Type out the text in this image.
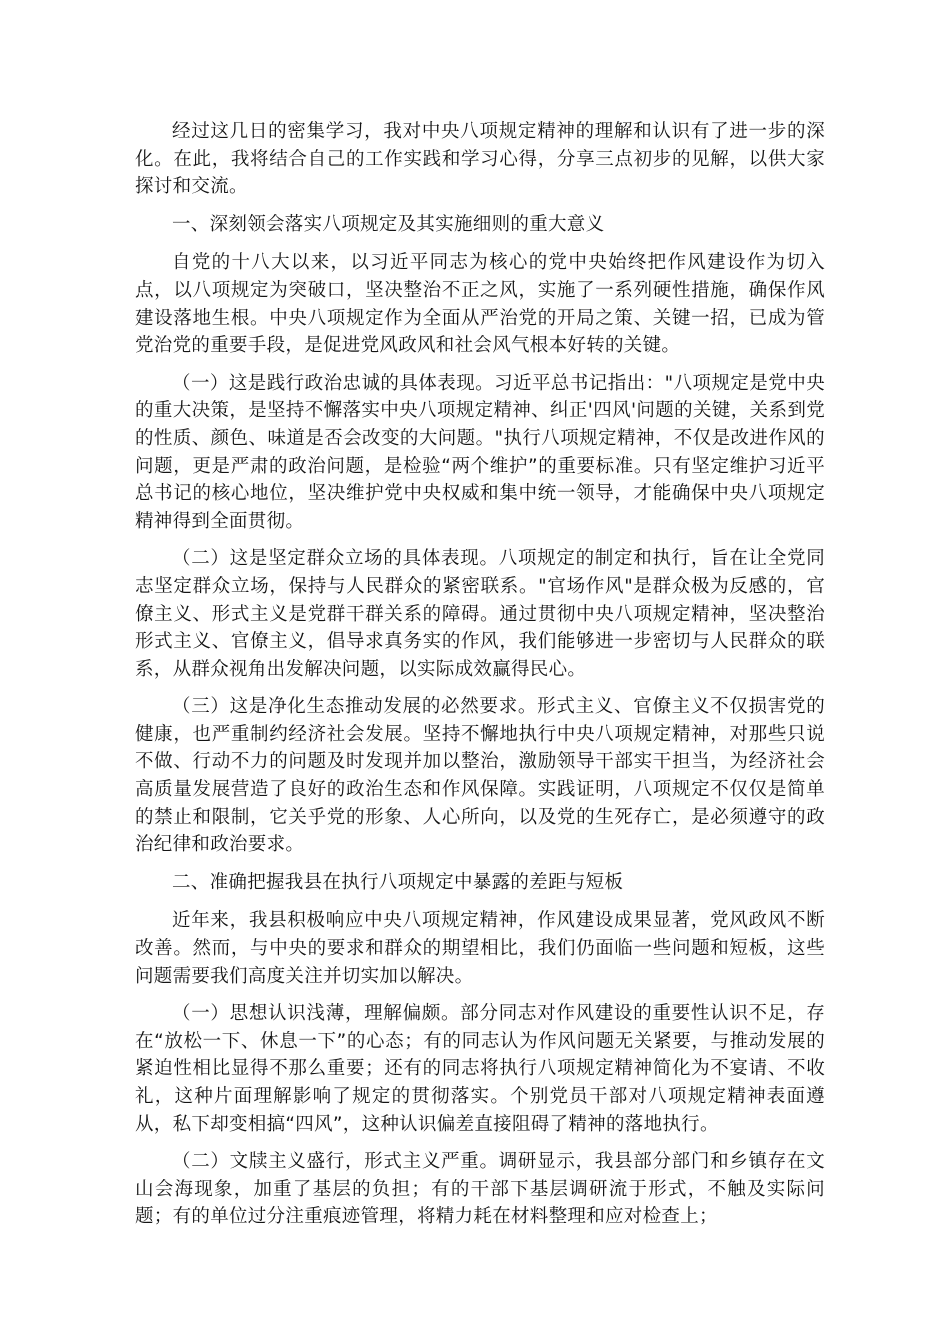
经过这几日的密集学习，我对中央八项规定精神的理解和认识有了进一步的深化。在此，我将结合自己的工作实践和学习心得，分享三点初步的见解，以供大家探讨和交流。

一、深刻领会落实八项规定及其实施细则的重大意义

自党的十八大以来，以习近平同志为核心的党中央始终把作风建设作为切入点，以八项规定为突破口，坚决整治不正之风，实施了一系列硬性措施，确保作风建设落地生根。中央八项规定作为全面从严治党的开局之策、关键一招，已成为管党治党的重要手段，是促进党风政风和社会风气根本好转的关键。

（一）这是践行政治忠诚的具体表现。习近平总书记指出："八项规定是党中央的重大决策，是坚持不懈落实中央八项规定精神、纠正'四风'问题的关键，关系到党的性质、颜色、味道是否会改变的大问题。"执行八项规定精神，不仅是改进作风的问题，更是严肃的政治问题，是检验“两个维护”的重要标准。只有坚定维护习近平总书记的核心地位，坚决维护党中央权威和集中统一领导，才能确保中央八项规定精神得到全面贯彻。

（二）这是坚定群众立场的具体表现。八项规定的制定和执行，旨在让全党同志坚定群众立场，保持与人民群众的紧密联系。"官场作风"是群众极为反感的，官僚主义、形式主义是党群干群关系的障碍。通过贯彻中央八项规定精神，坚决整治形式主义、官僚主义，倡导求真务实的作风，我们能够进一步密切与人民群众的联系，从群众视角出发解决问题，以实际成效赢得民心。

（三）这是净化生态推动发展的必然要求。形式主义、官僚主义不仅损害党的健康，也严重制约经济社会发展。坚持不懈地执行中央八项规定精神，对那些只说不做、行动不力的问题及时发现并加以整治，激励领导干部实干担当，为经济社会高质量发展营造了良好的政治生态和作风保障。实践证明，八项规定不仅仅是简单的禁止和限制，它关乎党的形象、人心所向，以及党的生死存亡，是必须遵守的政治纪律和政治要求。

二、准确把握我县在执行八项规定中暴露的差距与短板

近年来，我县积极响应中央八项规定精神，作风建设成果显著，党风政风不断改善。然而，与中央的要求和群众的期望相比，我们仍面临一些问题和短板，这些问题需要我们高度关注并切实加以解决。

（一）思想认识浅薄，理解偏颇。部分同志对作风建设的重要性认识不足，存在“放松一下、休息一下”的心态；有的同志认为作风问题无关紧要，与推动发展的紧迫性相比显得不那么重要；还有的同志将执行八项规定精神简化为不宴请、不收礼，这种片面理解影响了规定的贯彻落实。个别党员干部对八项规定精神表面遵从，私下却变相搞“四风”，这种认识偏差直接阻碍了精神的落地执行。

（二）文牍主义盛行，形式主义严重。调研显示，我县部分部门和乡镇存在文山会海现象，加重了基层的负担；有的干部下基层调研流于形式，不触及实际问题；有的单位过分注重痕迹管理，将精力耗在材料整理和应对检查上；
